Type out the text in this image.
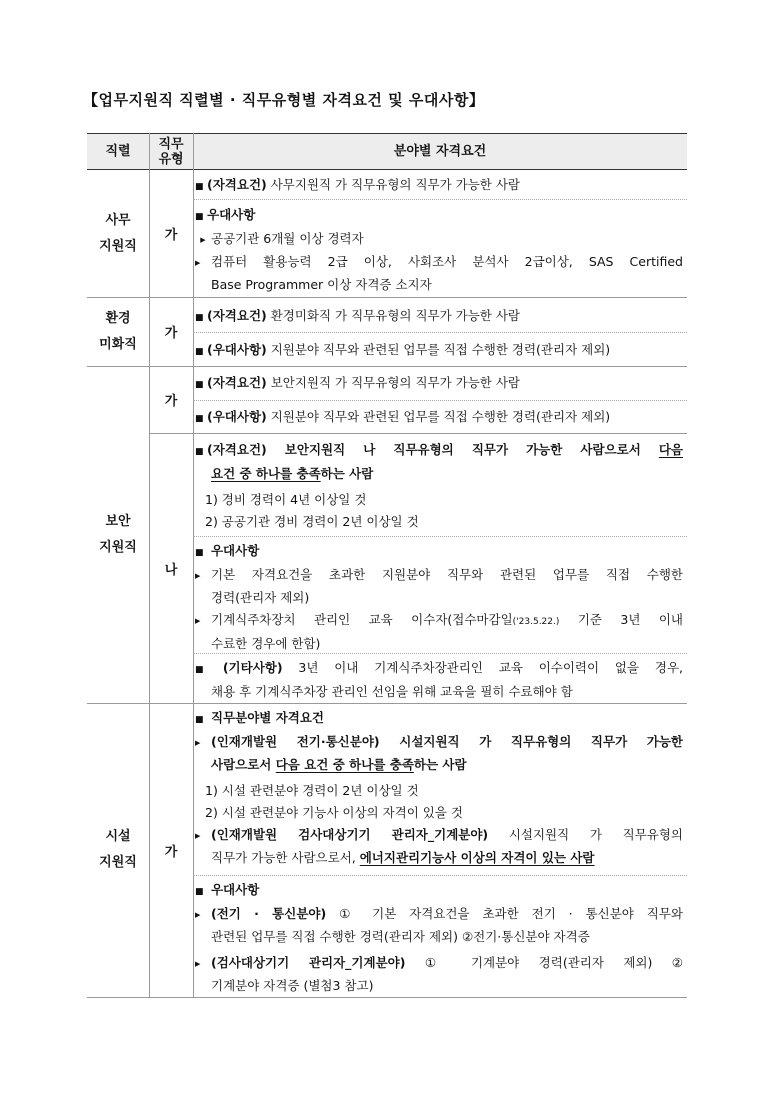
【업무지원직 직렬별 · 직무유형별 자격요건 및 우대사항】
직렬	직무
유형	분야별 자격요건
사무
지원직
가
■ (자격요건) 사무지원직 가 직무유형의 직무가 가능한 사람
■ 우대사항
▶ 공공기관 6개월 이상 경력자
▶ 컴퓨터 활용능력 2급 이상, 사회조사 분석사 2급이상, SAS Certified
Base Programmer 이상 자격증 소지자
환경
미화직
가
■ (자격요건) 환경미화직 가 직무유형의 직무가 가능한 사람
■ (우대사항) 지원분야 직무와 관련된 업무를 직접 수행한 경력(관리자 제외)
보안
지원직
가
나
■ (자격요건) 보안지원직 가 직무유형의 직무가 가능한 사람
■ (우대사항) 지원분야 직무와 관련된 업무를 직접 수행한 경력(관리자 제외)
■ (자격요건) 보안지원직 나 직무유형의 직무가 가능한 사람으로서 다음
요건 중 하나를 충족하는 사람
1) 경비 경력이 4년 이상일 것
2) 공공기관 경비 경력이 2년 이상일 것
■ 우대사항
▶ 기본 자격요건을 초과한 지원분야 직무와 관련된 업무를 직접 수행한
경력(관리자 제외)
▶ 기계식주차장치 관리인 교육 이수자(접수마감일('23.5.22.) 기준 3년 이내
수료한 경우에 한함)
■ (기타사항) 3년 이내 기계식주차장관리인 교육 이수이력이 없을 경우,
채용 후 기계식주차장 관리인 선임을 위해 교육을 필히 수료해야 함
시설
지원직
가
■ 직무분야별 자격요건
▶ (인재개발원 전기·통신분야) 시설지원직 가 직무유형의 직무가 가능한
사람으로서 다음 요건 중 하나를 충족하는 사람
1) 시설 관련분야 경력이 2년 이상일 것
2) 시설 관련분야 기능사 이상의 자격이 있을 것
▶ (인재개발원 검사대상기기 관리자_기계분야) 시설지원직 가 직무유형의
직무가 가능한 사람으로서, 에너지관리기능사 이상의 자격이 있는 사람
■ 우대사항
▶ (전기 · 통신분야) ① 기본 자격요건을 초과한 전기 · 통신분야 직무와
관련된 업무를 직접 수행한 경력(관리자 제외) ②전기·통신분야 자격증
▶ (검사대상기기 관리자_기계분야) ① 기계분야 경력(관리자 제외) ②
기계분야 자격증 (별첨3 참고)
